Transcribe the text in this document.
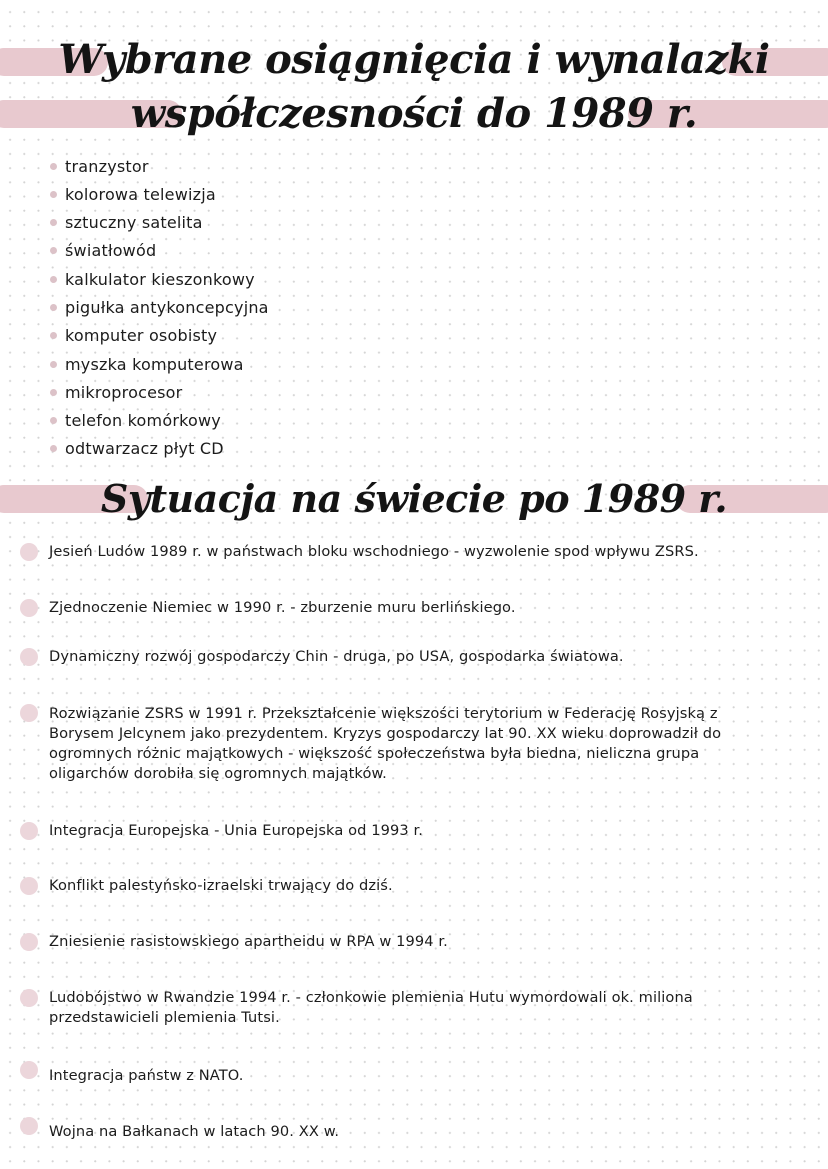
Wybrane osiągnięcia i wynalazki
współczesności do 1989 r.
tranzystor
kolorowa telewizja
sztuczny satelita
światłowód
kalkulator kieszonkowy
pigułka antykoncepcyjna
komputer osobisty
myszka komputerowa
mikroprocesor
telefon komórkowy
odtwarzacz płyt CD
Sytuacja na świecie po 1989 r.
Jesień Ludów 1989 r. w państwach bloku wschodniego - wyzwolenie spod wpływu ZSRS.
Zjednoczenie Niemiec w 1990 r. - zburzenie muru berlińskiego.
Dynamiczny rozwój gospodarczy Chin - druga, po USA, gospodarka światowa.
Rozwiązanie ZSRS w 1991 r. Przekształcenie większości terytorium w Federację Rosyjską z
Borysem Jelcynem jako prezydentem. Kryzys gospodarczy lat 90. XX wieku doprowadził do
ogromnych różnic majątkowych - większość społeczeństwa była biedna, nieliczna grupa
oligarchów dorobiła się ogromnych majątków.
Integracja Europejska - Unia Europejska od 1993 r.
Konflikt palestyńsko-izraelski trwający do dziś.
Zniesienie rasistowskiego apartheidu w RPA w 1994 r.
Ludobójstwo w Rwandzie 1994 r. - członkowie plemienia Hutu wymordowali ok. miliona
przedstawicieli plemienia Tutsi.
Integracja państw z NATO.
Wojna na Bałkanach w latach 90. XX w.
